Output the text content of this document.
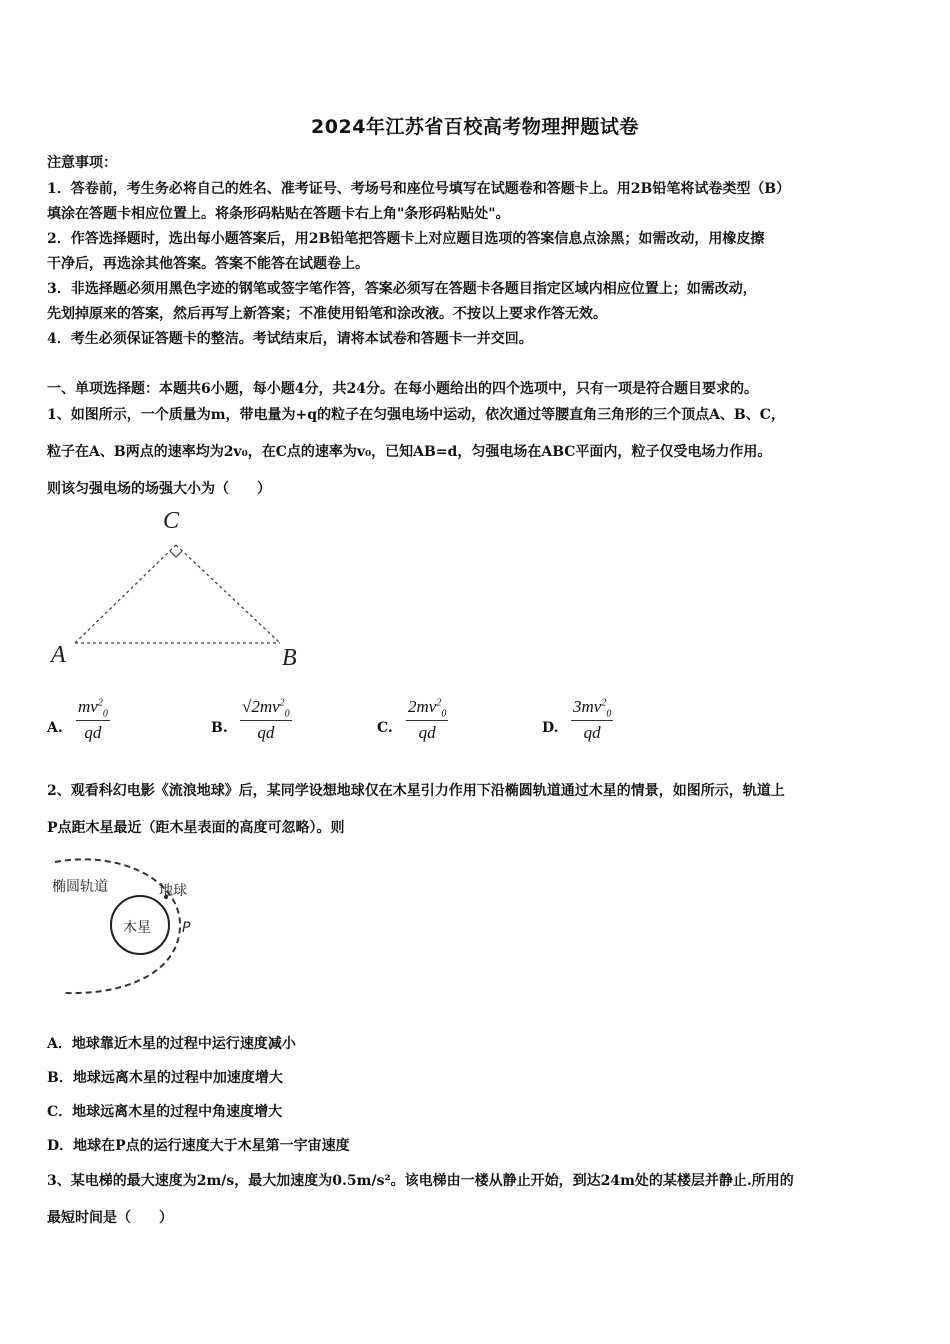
2024年江苏省百校高考物理押题试卷
注意事项：
1．答卷前，考生务必将自己的姓名、准考证号、考场号和座位号填写在试题卷和答题卡上。用2B铅笔将试卷类型（B）
填涂在答题卡相应位置上。将条形码粘贴在答题卡右上角"条形码粘贴处"。
2．作答选择题时，选出每小题答案后，用2B铅笔把答题卡上对应题目选项的答案信息点涂黑；如需改动，用橡皮擦
干净后，再选涂其他答案。答案不能答在试题卷上。
3．非选择题必须用黑色字迹的钢笔或签字笔作答，答案必须写在答题卡各题目指定区域内相应位置上；如需改动，
先划掉原来的答案，然后再写上新答案；不准使用铅笔和涂改液。不按以上要求作答无效。
4．考生必须保证答题卡的整洁。考试结束后，请将本试卷和答题卡一并交回。
一、单项选择题：本题共6小题，每小题4分，共24分。在每小题给出的四个选项中，只有一项是符合题目要求的。
1、如图所示，一个质量为m，带电量为+q的粒子在匀强电场中运动，依次通过等腰直角三角形的三个顶点A、B、C，
粒子在A、B两点的速率均为2v₀，在C点的速率为v₀，已知AB=d，匀强电场在ABC平面内，粒子仅受电场力作用。
则该匀强电场的场强大小为（　　）
C
A	B
A. $\frac{mv^2_0}{qd}$	B. $\frac{√2mv^2_0}{qd}$	C. $\frac{2mv^2_0}{qd}$	D. $\frac{3mv^2_0}{qd}$
2、观看科幻电影《流浪地球》后，某同学设想地球仅在木星引力作用下沿椭圆轨道通过木星的情景，如图所示，轨道上
P点距木星最近（距木星表面的高度可忽略）。则
椭圆轨道	地球
木星 P
A．地球靠近木星的过程中运行速度减小
B．地球远离木星的过程中加速度增大
C．地球远离木星的过程中角速度增大
D．地球在P点的运行速度大于木星第一宇宙速度
3、某电梯的最大速度为2m/s，最大加速度为0.5m/s²。该电梯由一楼从静止开始，到达24m处的某楼层并静止.所用的
最短时间是（　　）
